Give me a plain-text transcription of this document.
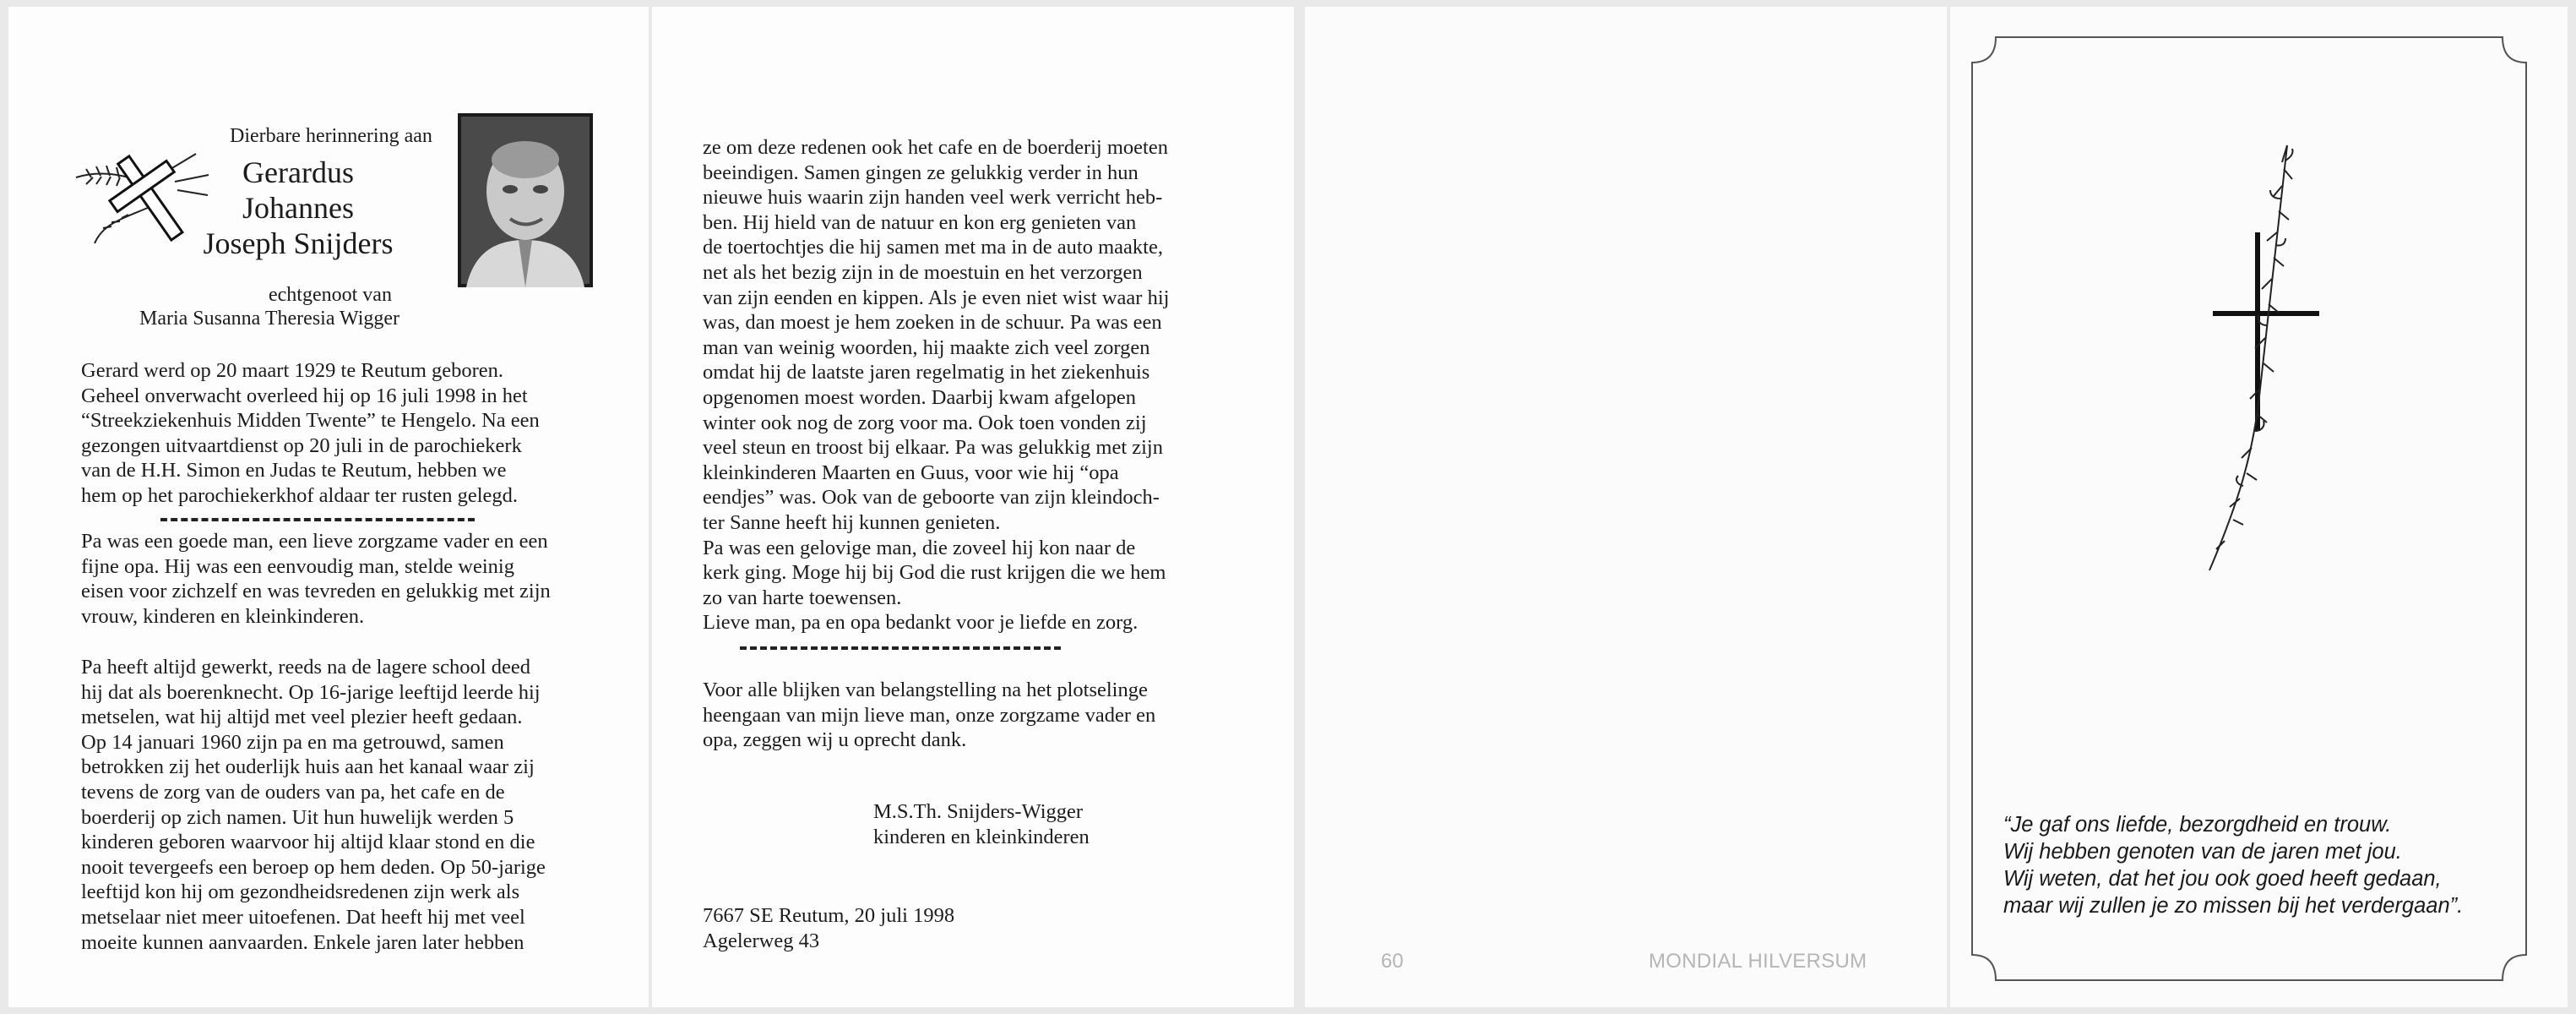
Dierbare herinnering aan
Gerardus
Johannes
Joseph Snijders
echtgenoot van
Maria Susanna Theresia Wigger

Gerard werd op 20 maart 1929 te Reutum geboren.

Geheel onverwacht overleed hij op 16 juli 1998 in het

“Streekziekenhuis Midden Twente” te Hengelo. Na een

gezongen uitvaartdienst op 20 juli in de parochiekerk

van de H.H. Simon en Judas te Reutum, hebben we

hem op het parochiekerkhof aldaar ter rusten gelegd.

Pa was een goede man, een lieve zorgzame vader en een

fijne opa. Hij was een eenvoudig man, stelde weinig

eisen voor zichzelf en was tevreden en gelukkig met zijn

vrouw, kinderen en kleinkinderen.

Pa heeft altijd gewerkt, reeds na de lagere school deed

hij dat als boerenknecht. Op 16-jarige leeftijd leerde hij

metselen, wat hij altijd met veel plezier heeft gedaan.

Op 14 januari 1960 zijn pa en ma getrouwd, samen

betrokken zij het ouderlijk huis aan het kanaal waar zij

tevens de zorg van de ouders van pa, het cafe en de

boerderij op zich namen. Uit hun huwelijk werden 5

kinderen geboren waarvoor hij altijd klaar stond en die

nooit tevergeefs een beroep op hem deden. Op 50-jarige

leeftijd kon hij om gezondheidsredenen zijn werk als

metselaar niet meer uitoefenen. Dat heeft hij met veel

moeite kunnen aanvaarden. Enkele jaren later hebben

ze om deze redenen ook het cafe en de boerderij moeten

beeindigen. Samen gingen ze gelukkig verder in hun

nieuwe huis waarin zijn handen veel werk verricht heb-

ben. Hij hield van de natuur en kon erg genieten van

de toertochtjes die hij samen met ma in de auto maakte,

net als het bezig zijn in de moestuin en het verzorgen

van zijn eenden en kippen. Als je even niet wist waar hij

was, dan moest je hem zoeken in de schuur. Pa was een

man van weinig woorden, hij maakte zich veel zorgen

omdat hij de laatste jaren regelmatig in het ziekenhuis

opgenomen moest worden. Daarbij kwam afgelopen

winter ook nog de zorg voor ma. Ook toen vonden zij

veel steun en troost bij elkaar. Pa was gelukkig met zijn

kleinkinderen Maarten en Guus, voor wie hij “opa

eendjes” was. Ook van de geboorte van zijn kleindoch-

ter Sanne heeft hij kunnen genieten.

Pa was een gelovige man, die zoveel hij kon naar de

kerk ging. Moge hij bij God die rust krijgen die we hem

zo van harte toewensen.

Lieve man, pa en opa bedankt voor je liefde en zorg.

Voor alle blijken van belangstelling na het plotselinge

heengaan van mijn lieve man, onze zorgzame vader en

opa, zeggen wij u oprecht dank.

M.S.Th. Snijders-Wigger
kinderen en kleinkinderen
7667 SE Reutum, 20 juli 1998
Agelerweg 43
60	MONDIAL HILVERSUM

“Je gaf ons liefde, bezorgdheid en trouw.

Wij hebben genoten van de jaren met jou.

Wij weten, dat het jou ook goed heeft gedaan,

maar wij zullen je zo missen bij het verdergaan”.
